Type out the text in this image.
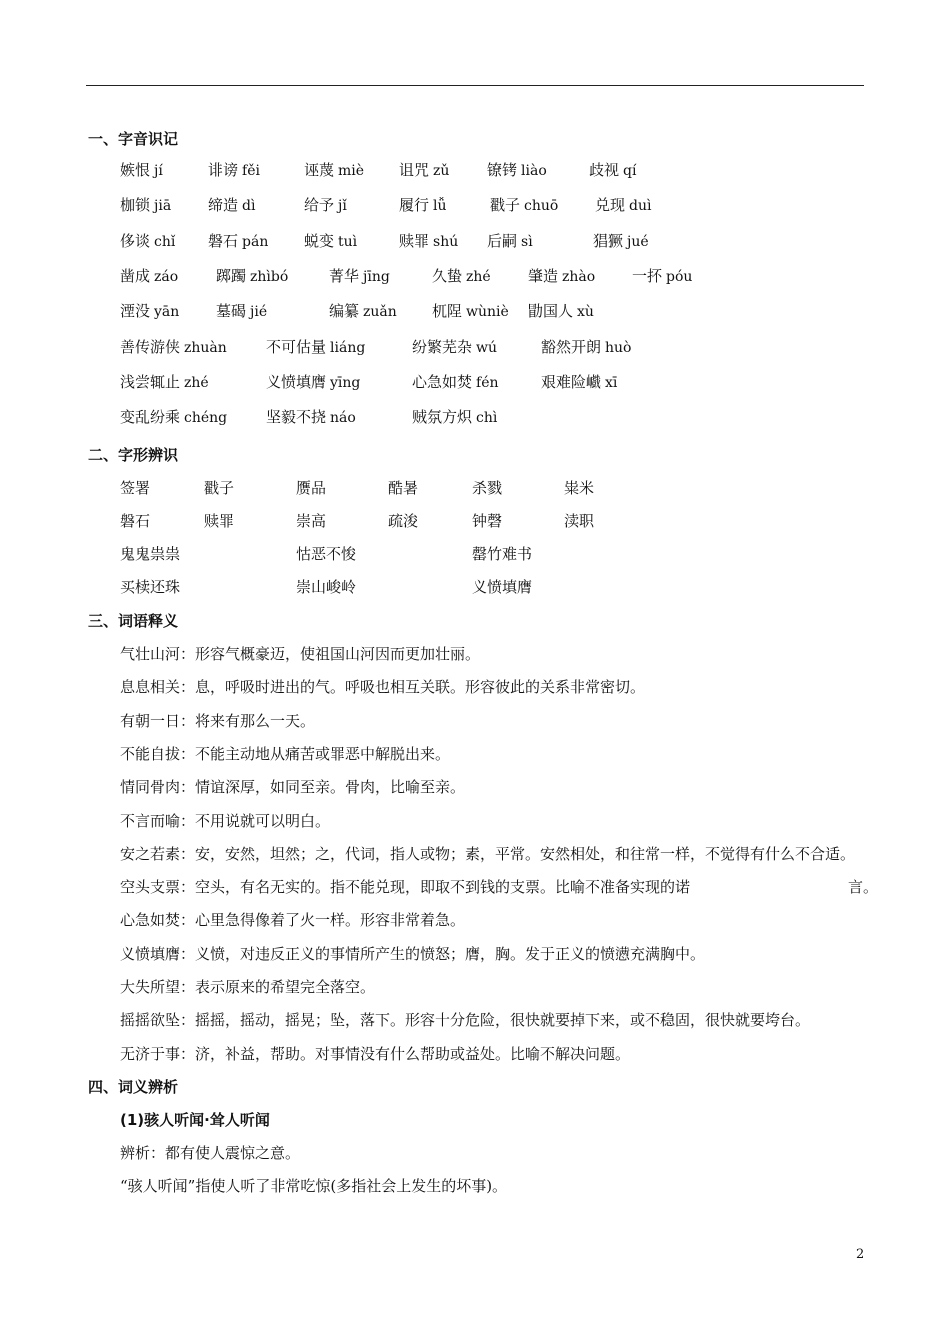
一、字音识记
嫉恨 jí	诽谤 fěi	诬蔑 miè 诅咒 zǔ	镣铐 liào	歧视 qí
枷锁 jiā 缔造 dì	给予 jǐ	履行 lǚ	戳子 chuō 兑现 duì
侈谈 chǐ 磐石 pán 蜕变 tuì	赎罪 shú 后嗣 sì	猖獗 jué
凿成 záo	踯躅 zhìbó	菁华 jīng	久蛰 zhé 肇造 zhào 一抔 póu
湮没 yān 墓碣 jié	编纂 zuǎn 杌陧 wùniè 勖国人 xù
善传游侠 zhuàn	不可估量 liáng	纷繁芜杂 wú	豁然开朗 huò
浅尝辄止 zhé	义愤填膺 yīng	心急如焚 fén	艰难险巇 xī
变乱纷乘 chéng	坚毅不挠 náo	贼氛方炽 chì
二、字形辨识
签署	戳子	赝品	酷暑	杀戮	粜米
磐石	赎罪	崇高	疏浚	钟磬	渎职
鬼鬼祟祟	怙恶不悛	罄竹难书
买椟还珠	崇山峻岭	义愤填膺
三、词语释义
气壮山河：形容气概豪迈，使祖国山河因而更加壮丽。
息息相关：息，呼吸时进出的气。呼吸也相互关联。形容彼此的关系非常密切。
有朝一日：将来有那么一天。
不能自拔：不能主动地从痛苦或罪恶中解脱出来。
情同骨肉：情谊深厚，如同至亲。骨肉，比喻至亲。
不言而喻：不用说就可以明白。
安之若素：安，安然，坦然；之，代词，指人或物；素，平常。安然相处，和往常一样，不觉得有什么不合适。
空头支票：空头，有名无实的。指不能兑现，即取不到钱的支票。比喻不准备实现的诺
心急如焚：心里急得像着了火一样。形容非常着急。
义愤填膺：义愤，对违反正义的事情所产生的愤怒；膺，胸。发于正义的愤懑充满胸中。
大失所望：表示原来的希望完全落空。
摇摇欲坠：摇摇，摇动，摇晃；坠，落下。形容十分危险，很快就要掉下来，或不稳固，很快就要垮台。
无济于事：济，补益，帮助。对事情没有什么帮助或益处。比喻不解决问题。
言。
四、词义辨析
(1)骇人听闻·耸人听闻
辨析：都有使人震惊之意。
“骇人听闻”指使人听了非常吃惊(多指社会上发生的坏事)。
2
